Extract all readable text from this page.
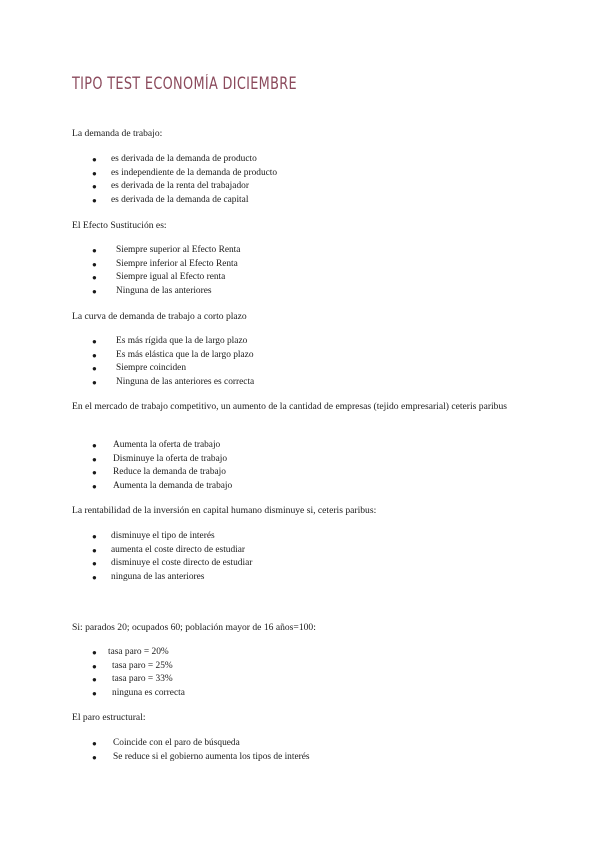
TIPO TEST ECONOMÍA DICIEMBRE
La demanda de trabajo:
● es derivada de la demanda de producto
● es independiente de la demanda de producto
● es derivada de la renta del trabajador
● es derivada de la demanda de capital
El Efecto Sustitución es:
● Siempre superior al Efecto Renta
● Siempre inferior al Efecto Renta
● Siempre igual al Efecto renta
● Ninguna de las anteriores
La curva de demanda de trabajo a corto plazo
● Es más rígida que la de largo plazo
● Es más elástica que la de largo plazo
● Siempre coinciden
● Ninguna de las anteriores es correcta
En el mercado de trabajo competitivo, un aumento de la cantidad de empresas (tejido empresarial) ceteris paribus
● Aumenta la oferta de trabajo
● Disminuye la oferta de trabajo
● Reduce la demanda de trabajo
● Aumenta la demanda de trabajo
La rentabilidad de la inversión en capital humano disminuye si, ceteris paribus:
● disminuye el tipo de interés
● aumenta el coste directo de estudiar
● disminuye el coste directo de estudiar
● ninguna de las anteriores
Si: parados 20; ocupados 60; población mayor de 16 años=100:
● tasa paro = 20%
● tasa paro = 25%
● tasa paro = 33%
● ninguna es correcta
El paro estructural:
● Coincide con el paro de búsqueda
● Se reduce si el gobierno aumenta los tipos de interés
